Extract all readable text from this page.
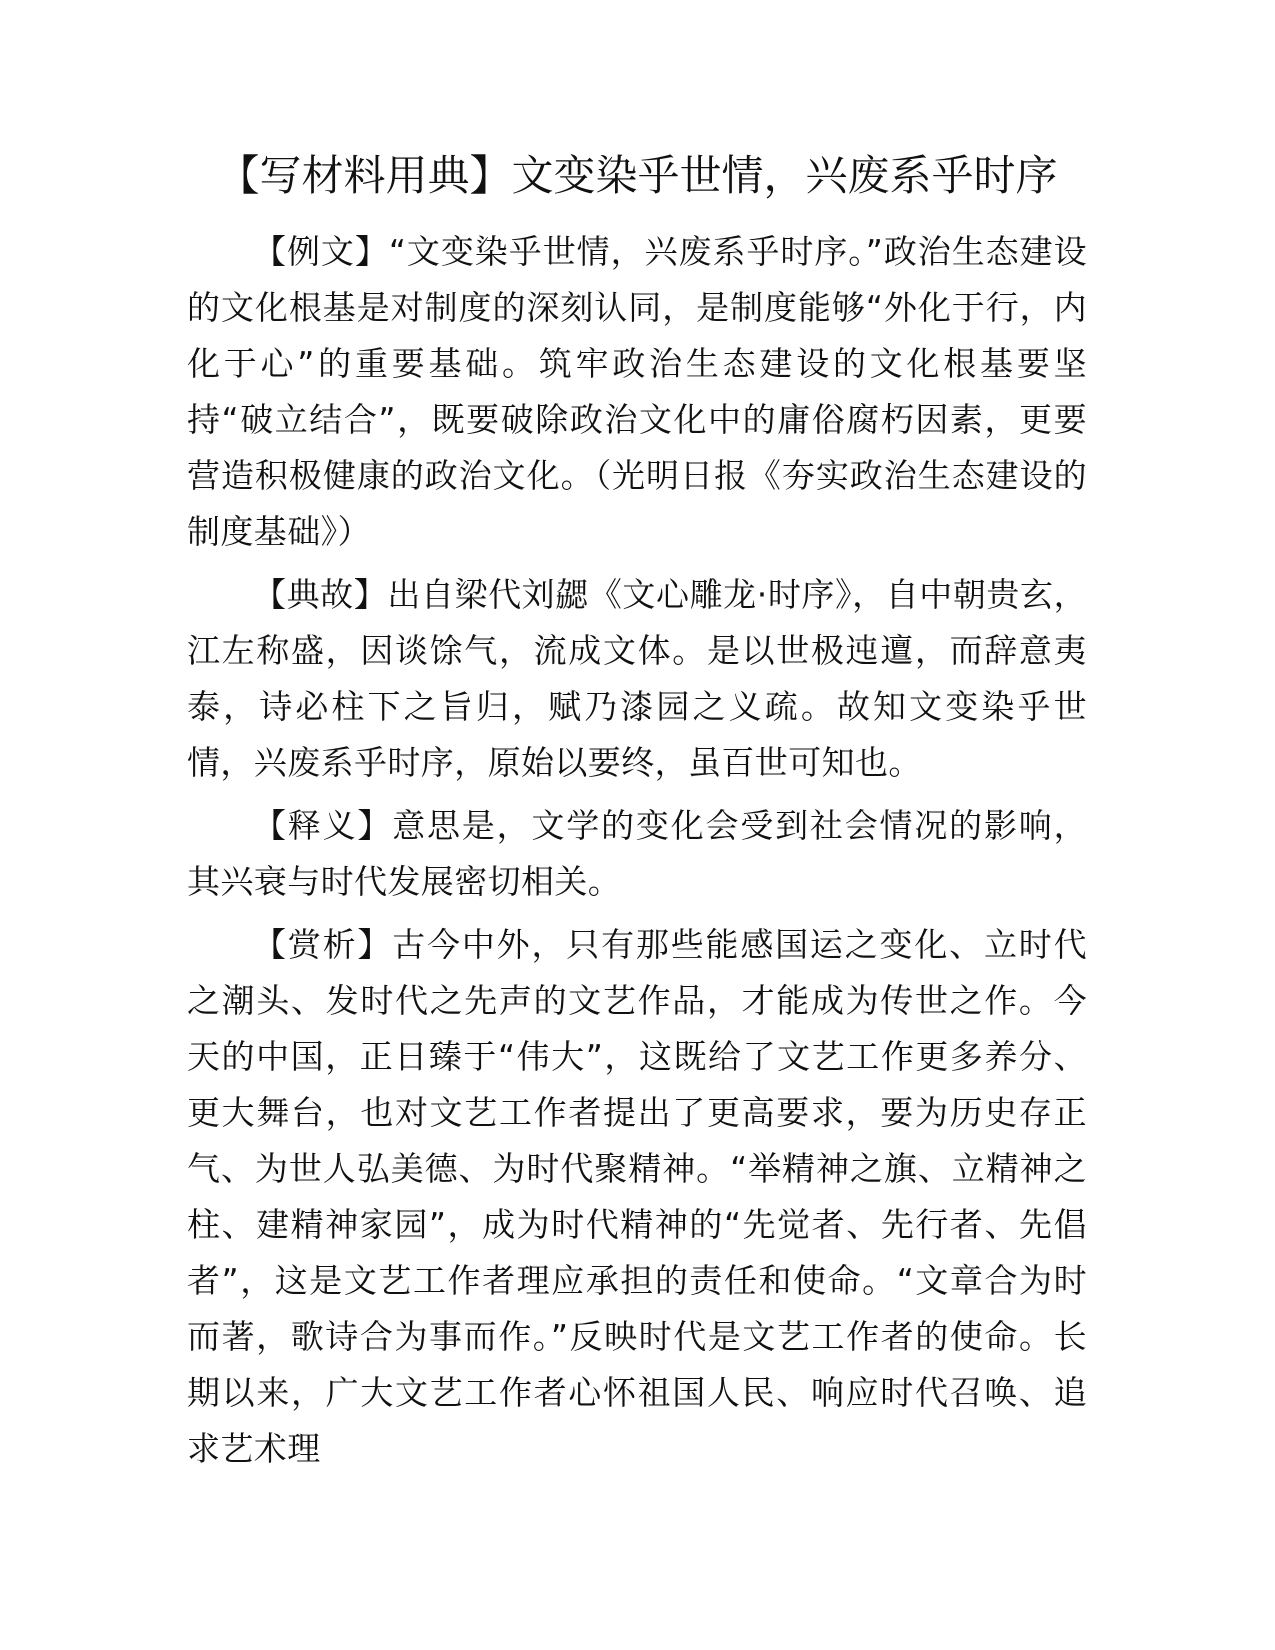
【写材料用典】文变染乎世情，兴废系乎时序

【例文】“文变染乎世情，兴废系乎时序。”政治生态建设的文化根基是对制度的深刻认同，是制度能够“外化于行，内化于心”的重要基础。筑牢政治生态建设的文化根基要坚持“破立结合”，既要破除政治文化中的庸俗腐朽因素，更要营造积极健康的政治文化。（光明日报《夯实政治生态建设的制度基础》）

【典故】出自梁代刘勰《文心雕龙·时序》，自中朝贵玄，江左称盛，因谈馀气，流成文体。是以世极迍邅，而辞意夷泰，诗必柱下之旨归，赋乃漆园之义疏。故知文变染乎世情，兴废系乎时序，原始以要终，虽百世可知也。

【释义】意思是，文学的变化会受到社会情况的影响，其兴衰与时代发展密切相关。

【赏析】古今中外，只有那些能感国运之变化、立时代之潮头、发时代之先声的文艺作品，才能成为传世之作。今天的中国，正日臻于“伟大”，这既给了文艺工作更多养分、更大舞台，也对文艺工作者提出了更高要求，要为历史存正气、为世人弘美德、为时代聚精神。“举精神之旗、立精神之柱、建精神家园”，成为时代精神的“先觉者、先行者、先倡者”，这是文艺工作者理应承担的责任和使命。“文章合为时而著，歌诗合为事而作。”反映时代是文艺工作者的使命。长期以来，广大文艺工作者心怀祖国人民、响应时代召唤、追求艺术理
